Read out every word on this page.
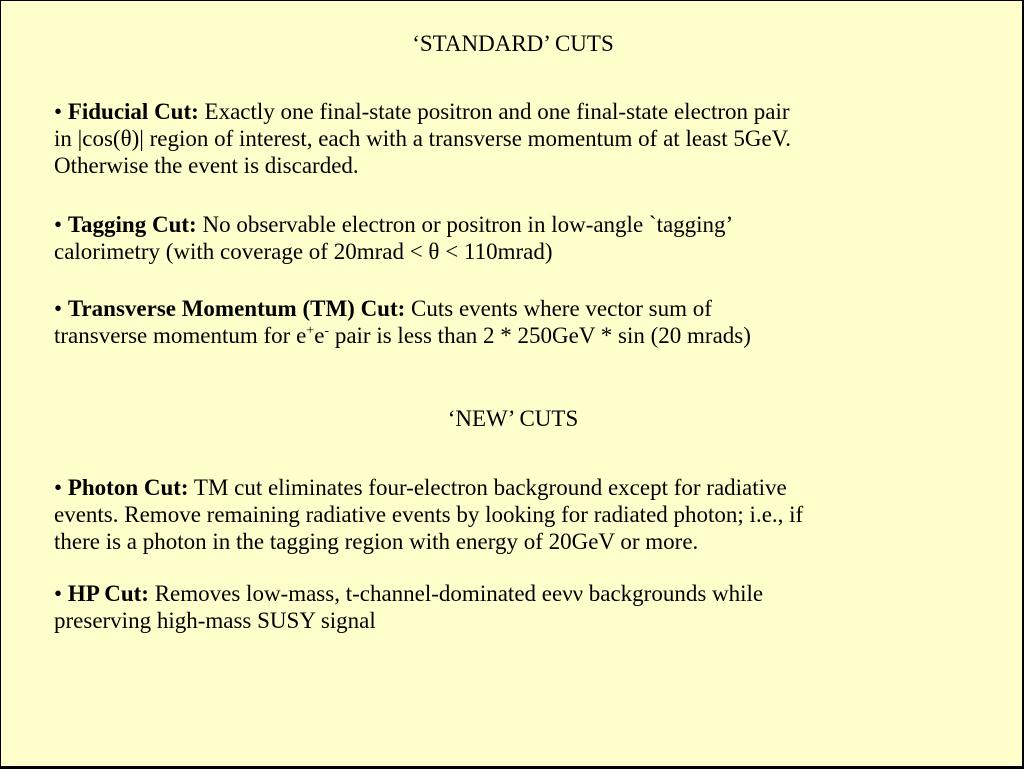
‘STANDARD’ CUTS
• Fiducial Cut: Exactly one final-state positron and one final-state electron pair
in |cos(θ)| region of interest, each with a transverse momentum of at least 5GeV.
Otherwise the event is discarded.
• Tagging Cut: No observable electron or positron in low-angle `tagging’
calorimetry (with coverage of 20mrad < θ < 110mrad)
• Transverse Momentum (TM) Cut: Cuts events where vector sum of
transverse momentum for e+e- pair is less than 2 * 250GeV * sin (20 mrads)
‘NEW’ CUTS
• Photon Cut: TM cut eliminates four-electron background except for radiative
events. Remove remaining radiative events by looking for radiated photon; i.e., if
there is a photon in the tagging region with energy of 20GeV or more.
• HP Cut: Removes low-mass, t-channel-dominated eeνν backgrounds while
preserving high-mass SUSY signal
